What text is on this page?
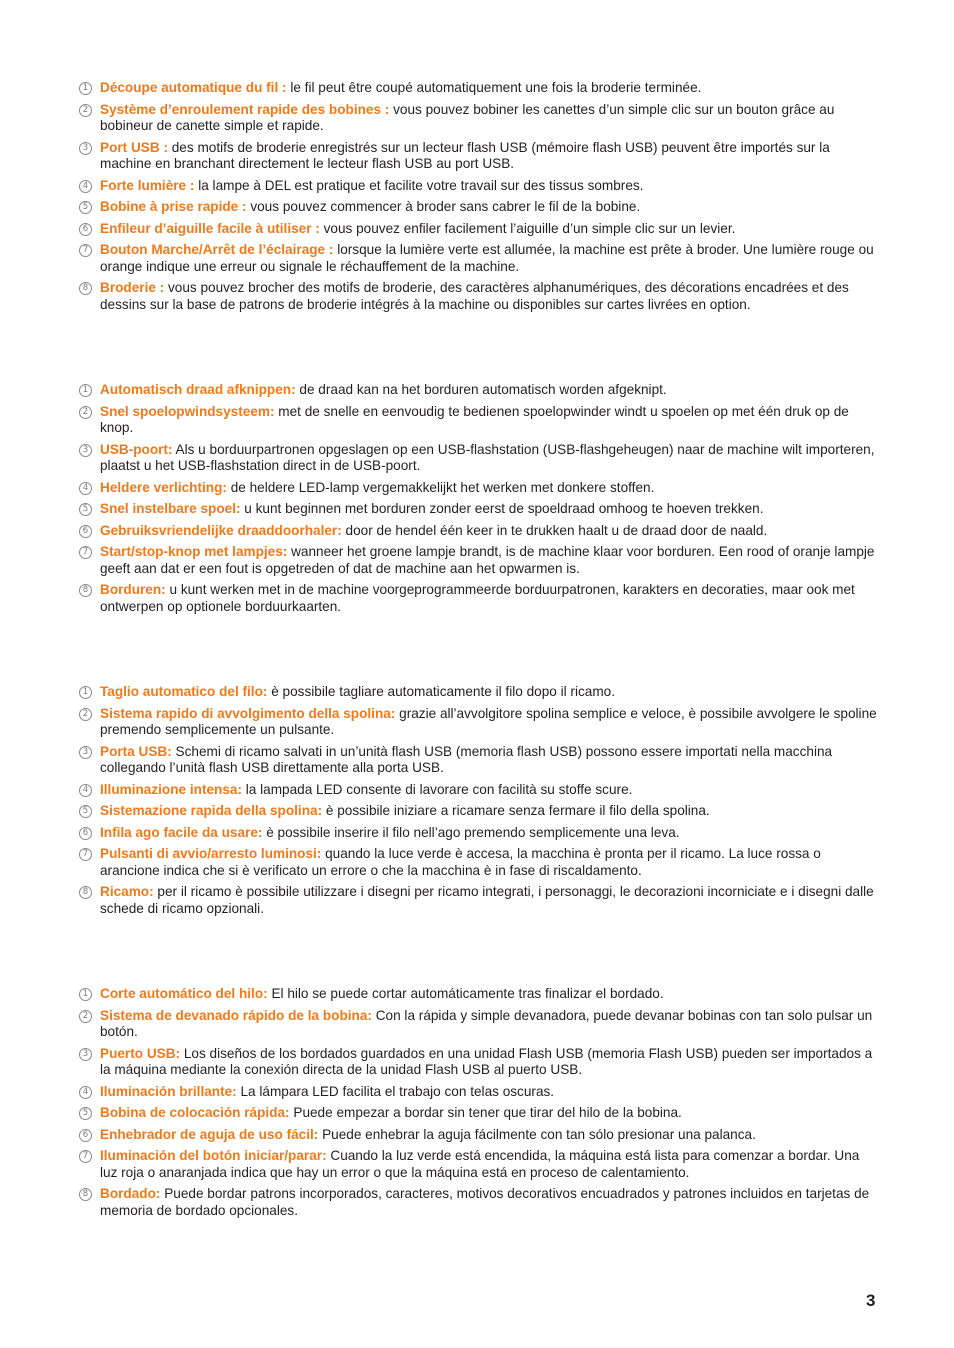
1 Découpe automatique du fil : le fil peut être coupé automatiquement une fois la broderie terminée.
2 Système d’enroulement rapide des bobines : vous pouvez bobiner les canettes d’un simple clic sur un bouton grâce au bobineur de canette simple et rapide.
3 Port USB : des motifs de broderie enregistrés sur un lecteur flash USB (mémoire flash USB) peuvent être importés sur la machine en branchant directement le lecteur flash USB au port USB.
4 Forte lumière : la lampe à DEL est pratique et facilite votre travail sur des tissus sombres.
5 Bobine à prise rapide : vous pouvez commencer à broder sans cabrer le fil de la bobine.
6 Enfileur d’aiguille facile à utiliser : vous pouvez enfiler facilement l’aiguille d’un simple clic sur un levier.
7 Bouton Marche/Arrêt de l’éclairage : lorsque la lumière verte est allumée, la machine est prête à broder. Une lumière rouge ou orange indique une erreur ou signale le réchauffement de la machine.
8 Broderie : vous pouvez brocher des motifs de broderie, des caractères alphanumériques, des décorations encadrées et des dessins sur la base de patrons de broderie intégrés à la machine ou disponibles sur cartes livrées en option.
1 Automatisch draad afknippen: de draad kan na het borduren automatisch worden afgeknipt.
2 Snel spoelopwindsysteem: met de snelle en eenvoudig te bedienen spoelopwinder windt u spoelen op met één druk op de knop.
3 USB-poort: Als u borduurpartronen opgeslagen op een USB-flashstation (USB-flashgeheugen) naar de machine wilt importeren, plaatst u het USB-flashstation direct in de USB-poort.
4 Heldere verlichting: de heldere LED-lamp vergemakkelijkt het werken met donkere stoffen.
5 Snel instelbare spoel: u kunt beginnen met borduren zonder eerst de spoeldraad omhoog te hoeven trekken.
6 Gebruiksvriendelijke draaddoorhaler: door de hendel één keer in te drukken haalt u de draad door de naald.
7 Start/stop-knop met lampjes: wanneer het groene lampje brandt, is de machine klaar voor borduren. Een rood of oranje lampje geeft aan dat er een fout is opgetreden of dat de machine aan het opwarmen is.
8 Borduren: u kunt werken met in de machine voorgeprogrammeerde borduurpatronen, karakters en decoraties, maar ook met ontwerpen op optionele borduurkaarten.
1 Taglio automatico del filo: è possibile tagliare automaticamente il filo dopo il ricamo.
2 Sistema rapido di avvolgimento della spolina: grazie all’avvolgitore spolina semplice e veloce, è possibile avvolgere le spoline premendo semplicemente un pulsante.
3 Porta USB: Schemi di ricamo salvati in un’unità flash USB (memoria flash USB) possono essere importati nella macchina collegando l’unità flash USB direttamente alla porta USB.
4 Illuminazione intensa: la lampada LED consente di lavorare con facilità su stoffe scure.
5 Sistemazione rapida della spolina: è possibile iniziare a ricamare senza fermare il filo della spolina.
6 Infila ago facile da usare: è possibile inserire il filo nell’ago premendo semplicemente una leva.
7 Pulsanti di avvio/arresto luminosi: quando la luce verde è accesa, la macchina è pronta per il ricamo. La luce rossa o arancione indica che si è verificato un errore o che la macchina è in fase di riscaldamento.
8 Ricamo: per il ricamo è possibile utilizzare i disegni per ricamo integrati, i personaggi, le decorazioni incorniciate e i disegni dalle schede di ricamo opzionali.
1 Corte automático del hilo: El hilo se puede cortar automáticamente tras finalizar el bordado.
2 Sistema de devanado rápido de la bobina: Con la rápida y simple devanadora, puede devanar bobinas con tan solo pulsar un botón.
3 Puerto USB: Los diseños de los bordados guardados en una unidad Flash USB (memoria Flash USB) pueden ser importados a la máquina mediante la conexión directa de la unidad Flash USB al puerto USB.
4 Iluminación brillante: La lámpara LED facilita el trabajo con telas oscuras.
5 Bobina de colocación rápida: Puede empezar a bordar sin tener que tirar del hilo de la bobina.
6 Enhebrador de aguja de uso fácil: Puede enhebrar la aguja fácilmente con tan sólo presionar una palanca.
7 Iluminación del botón iniciar/parar: Cuando la luz verde está encendida, la máquina está lista para comenzar a bordar. Una luz roja o anaranjada indica que hay un error o que la máquina está en proceso de calentamiento.
8 Bordado: Puede bordar patrons incorporados, caracteres, motivos decorativos encuadrados y patrones incluidos en tarjetas de memoria de bordado opcionales.
3
